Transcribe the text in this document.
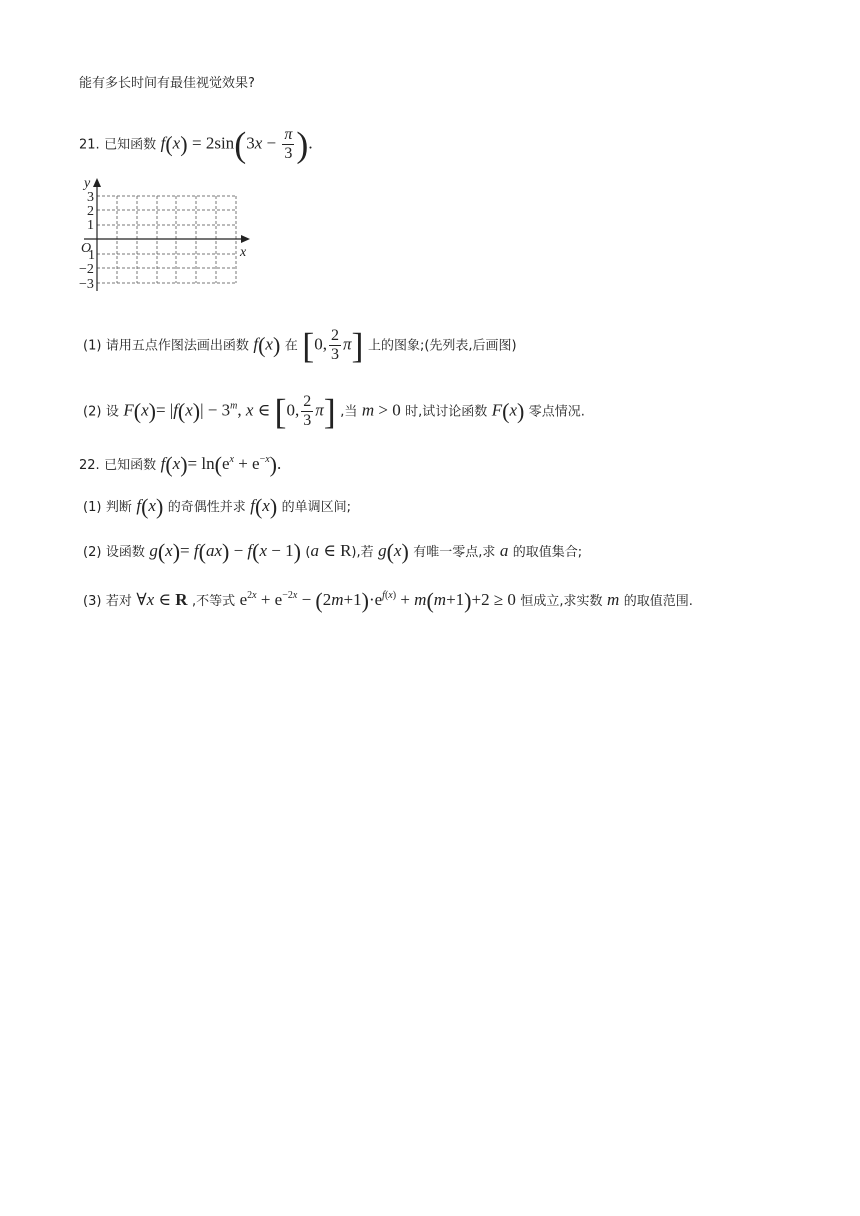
能有多长时间有最佳视觉效果?
21. 已知函数 $f(x) = 2\sin(3x - \frac{\pi}{3}$ ).
y
x
O
3
2
1
1
−2
−3
(1) 请用五点作图法画出函数 f(x) 在 [0, $\frac{2}{3} \pi$] 上的图象;(先列表,后画图)
(2) 设 $F(x)= |f(x)| - 3^m$, x ∈ [0, $\frac{2}{3} \pi$] ,当 m > 0 时,试讨论函数 F(x) 零点情况.
22. 已知函数 $f(x)= \ln(e^x + e^{-x})$.
(1) 判断 f(x) 的奇偶性并求 f(x) 的单调区间;
(2) 设函数 g(x)= f(ax) − f(x − 1) (a ∈ R),若 g(x) 有唯一零点,求 a 的取值集合;
(3) 若对 ∀x ∈ R ,不等式 $e^{2x} + e^{-2x} - (2m+1)\cdot e^{f(x)} + m(m+1)+2 \ge 0$ 恒成立,求实数 m 的取值范围.
